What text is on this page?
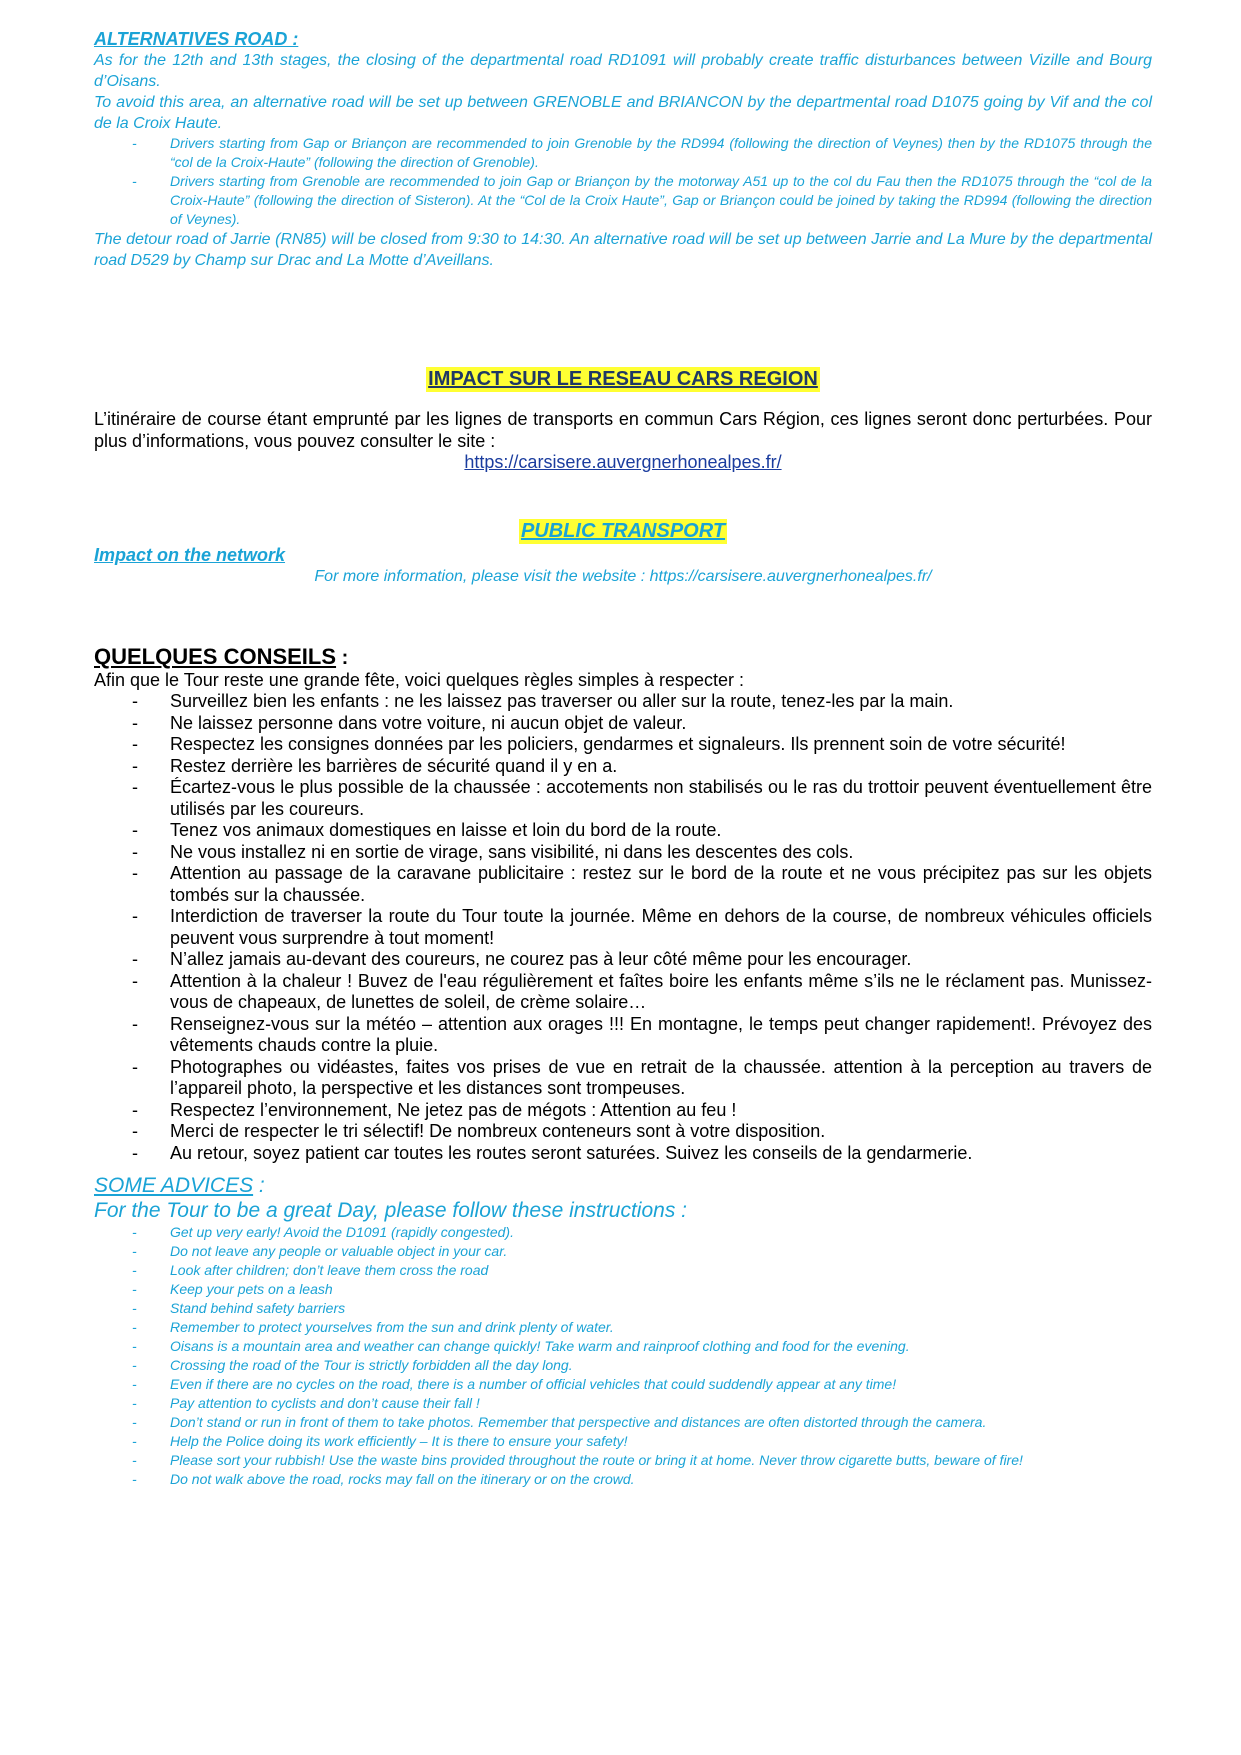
ALTERNATIVES ROAD :

As for the 12th and 13th stages, the closing of the departmental road RD1091 will probably create traffic disturbances between Vizille and Bourg d’Oisans.

To avoid this area, an alternative road will be set up between GRENOBLE and BRIANCON by the departmental road D1075 going by Vif and the col de la Croix Haute.

- Drivers starting from Gap or Briançon are recommended to join Grenoble by the RD994 (following the direction of Veynes) then by the RD1075 through the “col de la Croix-Haute” (following the direction of Grenoble).
- Drivers starting from Grenoble are recommended to join Gap or Briançon by the motorway A51 up to the col du Fau then the RD1075 through the “col de la Croix-Haute” (following the direction of Sisteron). At the “Col de la Croix Haute”, Gap or Briançon could be joined by taking the RD994 (following the direction of Veynes).

The detour road of Jarrie (RN85) will be closed from 9:30 to 14:30. An alternative road will be set up between Jarrie and La Mure by the departmental road D529 by Champ sur Drac and La Motte d’Aveillans.

IMPACT SUR LE RESEAU CARS REGION

L’itinéraire de course étant emprunté par les lignes de transports en commun Cars Région, ces lignes seront donc perturbées. Pour plus d’informations, vous pouvez consulter le site :

https://carsisere.auvergnerhonealpes.fr/
PUBLIC TRANSPORT
Impact on the network
For more information, please visit the website : https://carsisere.auvergnerhonealpes.fr/
QUELQUES CONSEILS :

Afin que le Tour reste une grande fête, voici quelques règles simples à respecter :

- Surveillez bien les enfants : ne les laissez pas traverser ou aller sur la route, tenez-les par la main.
- Ne laissez personne dans votre voiture, ni aucun objet de valeur.
- Respectez les consignes données par les policiers, gendarmes et signaleurs. Ils prennent soin de votre sécurité!
- Restez derrière les barrières de sécurité quand il y en a.
- Écartez-vous le plus possible de la chaussée : accotements non stabilisés ou le ras du trottoir peuvent éventuellement être utilisés par les coureurs.
- Tenez vos animaux domestiques en laisse et loin du bord de la route.
- Ne vous installez ni en sortie de virage, sans visibilité, ni dans les descentes des cols.
- Attention au passage de la caravane publicitaire : restez sur le bord de la route et ne vous précipitez pas sur les objets tombés sur la chaussée.
- Interdiction de traverser la route du Tour toute la journée. Même en dehors de la course, de nombreux véhicules officiels peuvent vous surprendre à tout moment!
- N’allez jamais au-devant des coureurs, ne courez pas à leur côté même pour les encourager.
- Attention à la chaleur ! Buvez de l'eau régulièrement et faîtes boire les enfants même s’ils ne le réclament pas. Munissez-vous de chapeaux, de lunettes de soleil, de crème solaire…
- Renseignez-vous sur la météo – attention aux orages !!! En montagne, le temps peut changer rapidement!. Prévoyez des vêtements chauds contre la pluie.
- Photographes ou vidéastes, faites vos prises de vue en retrait de la chaussée. attention à la perception au travers de l’appareil photo, la perspective et les distances sont trompeuses.
- Respectez l’environnement, Ne jetez pas de mégots : Attention au feu !
- Merci de respecter le tri sélectif! De nombreux conteneurs sont à votre disposition.
- Au retour, soyez patient car toutes les routes seront saturées. Suivez les conseils de la gendarmerie.
SOME ADVICES :
For the Tour to be a great Day, please follow these instructions :
- Get up very early! Avoid the D1091 (rapidly congested).
- Do not leave any people or valuable object in your car.
- Look after children; don’t leave them cross the road
- Keep your pets on a leash
- Stand behind safety barriers
- Remember to protect yourselves from the sun and drink plenty of water.
- Oisans is a mountain area and weather can change quickly! Take warm and rainproof clothing and food for the evening.
- Crossing the road of the Tour is strictly forbidden all the day long.
- Even if there are no cycles on the road, there is a number of official vehicles that could suddendly appear at any time!
- Pay attention to cyclists and don’t cause their fall !
- Don’t stand or run in front of them to take photos. Remember that perspective and distances are often distorted through the camera.
- Help the Police doing its work efficiently – It is there to ensure your safety!
- Please sort your rubbish! Use the waste bins provided throughout the route or bring it at home. Never throw cigarette butts, beware of fire!
- Do not walk above the road, rocks may fall on the itinerary or on the crowd.
